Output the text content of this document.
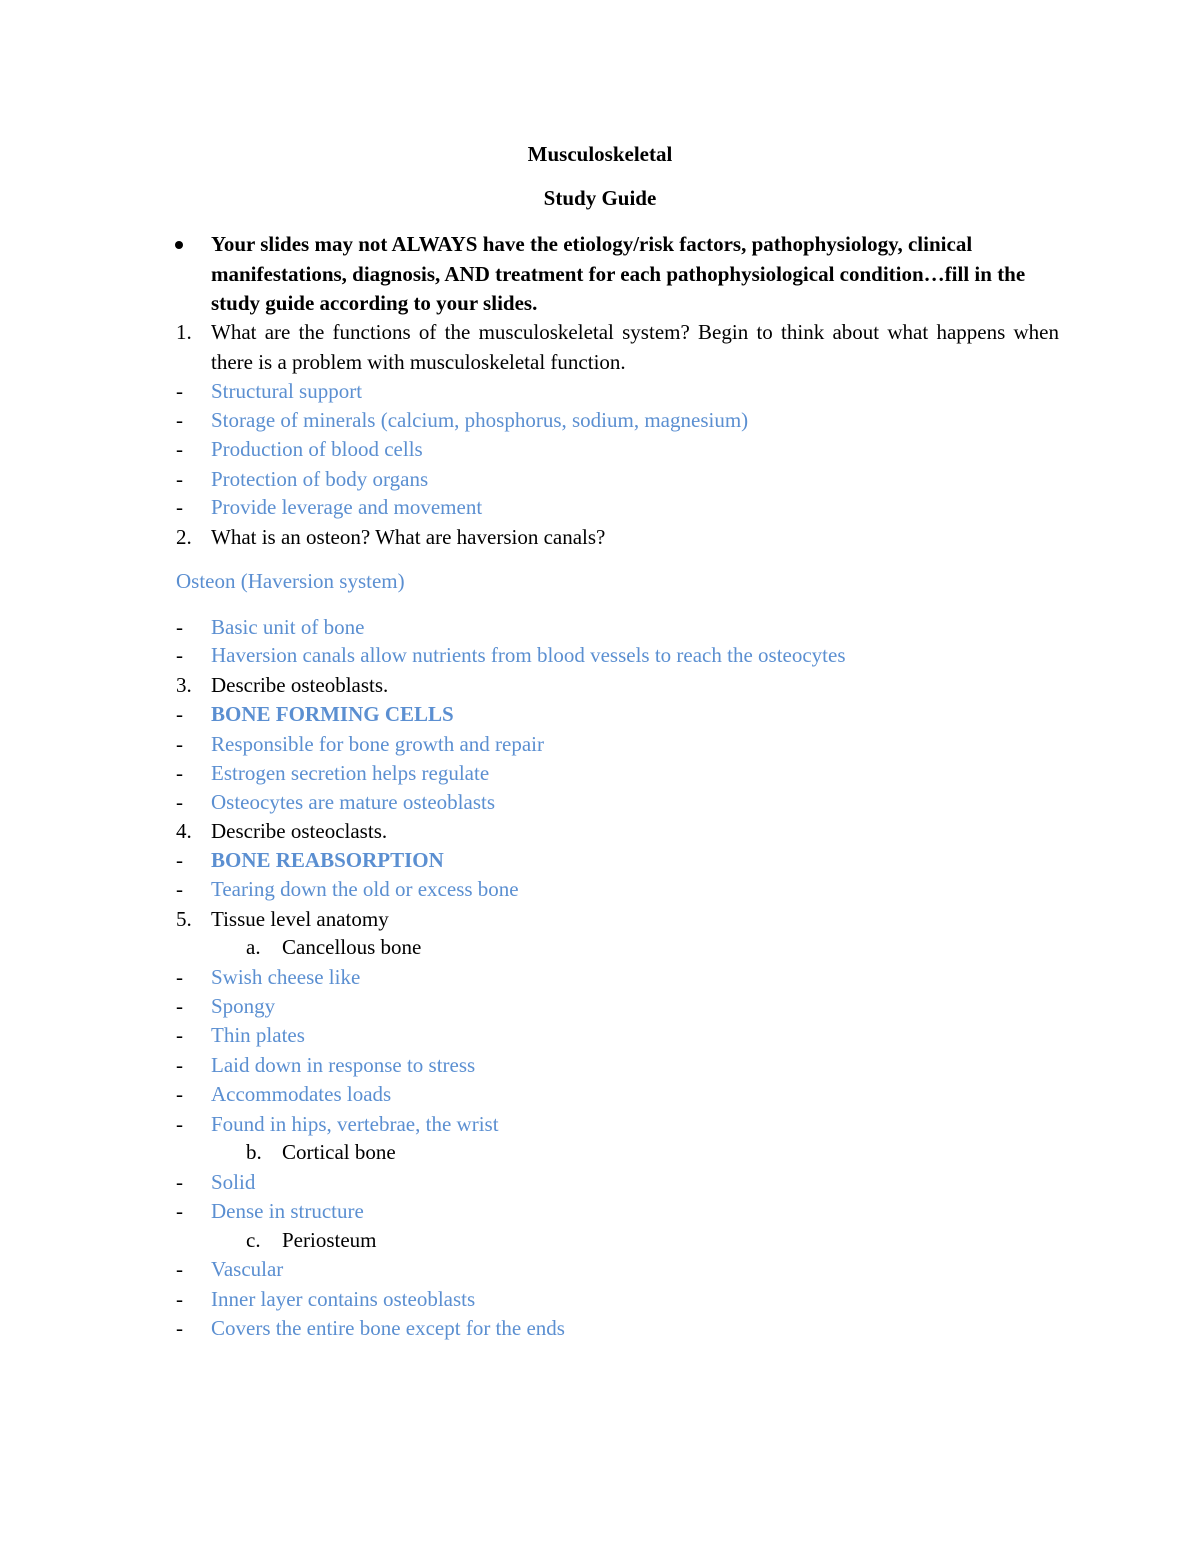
Musculoskeletal
Study Guide
Your slides may not ALWAYS have the etiology/risk factors, pathophysiology, clinical manifestations, diagnosis, AND treatment for each pathophysiological condition…fill in the study guide according to your slides.
1. What are the functions of the musculoskeletal system? Begin to think about what happens when there is a problem with musculoskeletal function.
- Structural support
- Storage of minerals (calcium, phosphorus, sodium, magnesium)
- Production of blood cells
- Protection of body organs
- Provide leverage and movement
2. What is an osteon? What are haversion canals?
Osteon (Haversion system)
- Basic unit of bone
- Haversion canals allow nutrients from blood vessels to reach the osteocytes
3. Describe osteoblasts.
- BONE FORMING CELLS
- Responsible for bone growth and repair
- Estrogen secretion helps regulate
- Osteocytes are mature osteoblasts
4. Describe osteoclasts.
- BONE REABSORPTION
- Tearing down the old or excess bone
5. Tissue level anatomy
a. Cancellous bone
- Swish cheese like
- Spongy
- Thin plates
- Laid down in response to stress
- Accommodates loads
- Found in hips, vertebrae, the wrist
b. Cortical bone
- Solid
- Dense in structure
c. Periosteum
- Vascular
- Inner layer contains osteoblasts
- Covers the entire bone except for the ends
